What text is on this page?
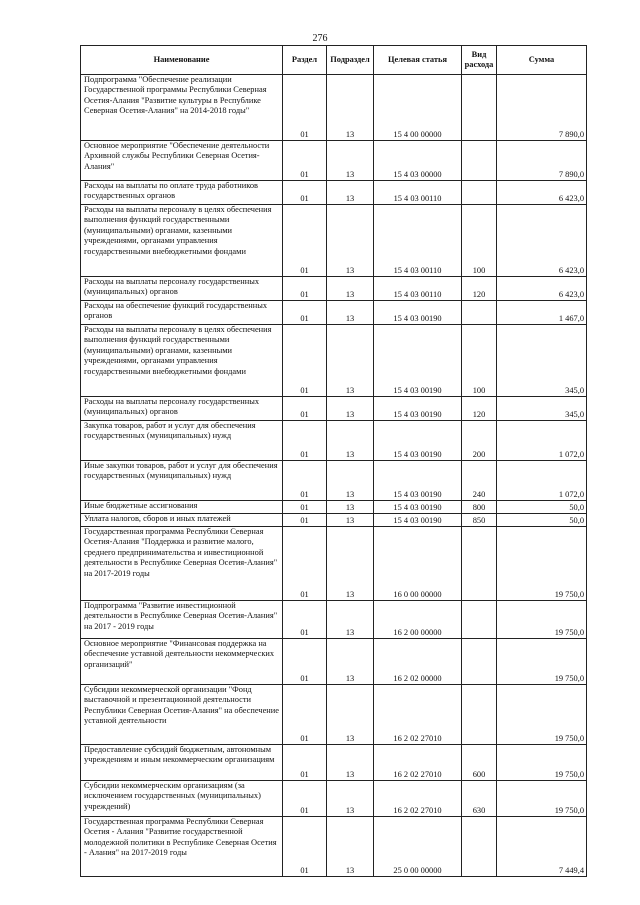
276
Наименование	Раздел	Подраздел	Целевая статья	Вид расхода	Сумма
Подпрограмма "Обеспечение реализации Государственной программы Республики Северная Осетия-Алания "Развитие культуры в Республике Северная Осетия-Алания" на 2014-2018 годы"	01	13	15 4 00 00000		7 890,0
Основное мероприятие "Обеспечение деятельности Архивной службы Республики Северная Осетия-Алания"	01	13	15 4 03 00000		7 890,0
Расходы на выплаты по оплате труда работников государственных органов	01	13	15 4 03 00110		6 423,0
Расходы на выплаты персоналу в целях обеспечения выполнения функций государственными (муниципальными) органами, казенными учреждениями, органами управления государственными внебюджетными фондами	01	13	15 4 03 00110	100	6 423,0
Расходы на выплаты персоналу государственных (муниципальных) органов	01	13	15 4 03 00110	120	6 423,0
Расходы на обеспечение функций государственных органов	01	13	15 4 03 00190		1 467,0
Расходы на выплаты персоналу в целях обеспечения выполнения функций государственными (муниципальными) органами, казенными учреждениями, органами управления государственными внебюджетными фондами	01	13	15 4 03 00190	100	345,0
Расходы на выплаты персоналу государственных (муниципальных) органов	01	13	15 4 03 00190	120	345,0
Закупка товаров, работ и услуг для обеспечения государственных (муниципальных) нужд	01	13	15 4 03 00190	200	1 072,0
Иные закупки товаров, работ и услуг для обеспечения государственных (муниципальных) нужд	01	13	15 4 03 00190	240	1 072,0
Иные бюджетные ассигнования	01	13	15 4 03 00190	800	50,0
Уплата налогов, сборов и иных платежей	01	13	15 4 03 00190	850	50,0
Государственная программа Республики Северная Осетия-Алания "Поддержка и развитие малого, среднего предпринимательства и инвестиционной деятельности в Республике Северная Осетия-Алания" на 2017-2019 годы	01	13	16 0 00 00000		19 750,0
Подпрограмма "Развитие инвестиционной деятельности в Республике Северная Осетия-Алания" на 2017 - 2019 годы	01	13	16 2 00 00000		19 750,0
Основное мероприятие "Финансовая поддержка на обеспечение уставной деятельности некоммерческих организаций"	01	13	16 2 02 00000		19 750,0
Субсидии некоммерческой организации "Фонд выставочной и презентационной деятельности Республики Северная Осетия-Алания" на обеспечение уставной деятельности	01	13	16 2 02 27010		19 750,0
Предоставление субсидий бюджетным, автономным учреждениям и иным некоммерческим организациям	01	13	16 2 02 27010	600	19 750,0
Субсидии некоммерческим организациям (за исключением государственных (муниципальных) учреждений)	01	13	16 2 02 27010	630	19 750,0
Государственная программа Республики Северная Осетия - Алания "Развитие государственной молодежной политики в Республике Северная Осетия - Алания" на 2017-2019 годы	01	13	25 0 00 00000		7 449,4
